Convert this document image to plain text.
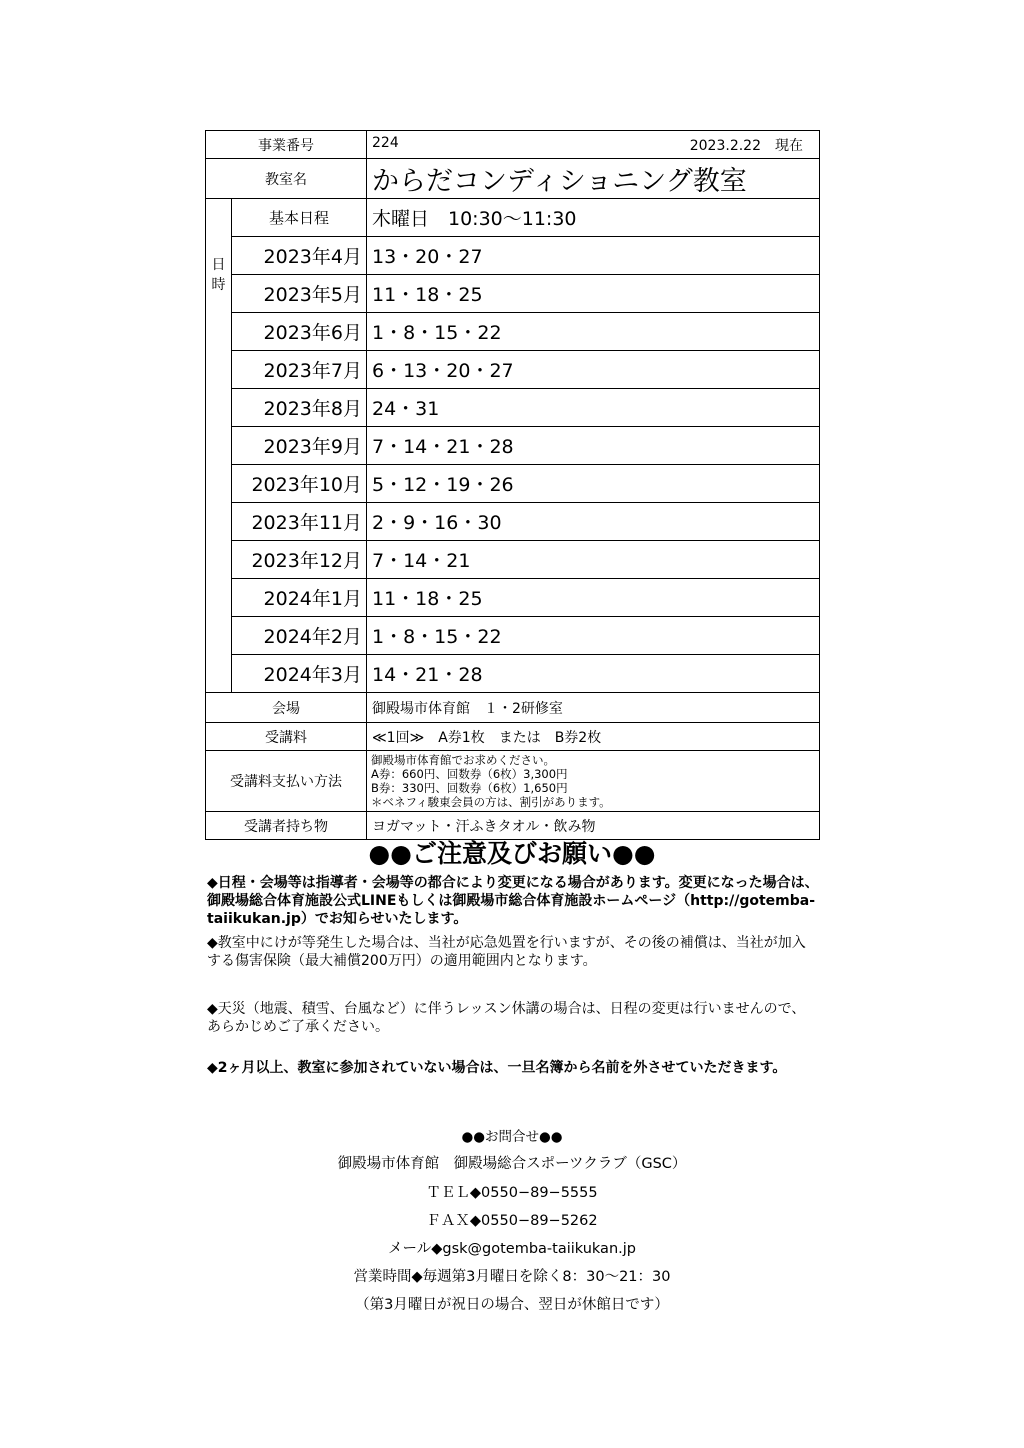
事業番号		224 2023.2.22　現在

教室名		からだコンディショニング教室

日
時	基本日程	木曜日　10:30～11:30
	2023年4月	13・20・27
	2023年5月	11・18・25
	2023年6月	1・8・15・22
	2023年7月	6・13・20・27
	2023年8月	24・31
	2023年9月	7・14・21・28
	2023年10月	5・12・19・26
	2023年11月	2・9・16・30
	2023年12月	7・14・21
	2024年1月	11・18・25
	2024年2月	1・8・15・22
	2024年3月	14・21・28
会場		御殿場市体育館　１・2研修室
受講料		≪1回≫　A券1枚　または　B券2枚
受講料支払い方法		御殿場市体育館でお求めください。
A券：660円、回数券（6枚）3,300円
B券：330円、回数券（6枚）1,650円
＊ベネフィ駿東会員の方は、割引があります。

受講者持ち物		ヨガマット・汗ふきタオル・飲み物
●●ご注意及びお願い●●
◆日程・会場等は指導者・会場等の都合により変更になる場合があります。変更になった場合は、御殿場総合体育施設公式LINEもしくは御殿場市総合体育施設ホームページ（http://gotemba-taiikukan.jp）でお知らせいたします。
◆教室中にけが等発生した場合は、当社が応急処置を行いますが、その後の補償は、当社が加入する傷害保険（最大補償200万円）の適用範囲内となります。
◆天災（地震、積雪、台風など）に伴うレッスン休講の場合は、日程の変更は行いませんので、あらかじめご了承ください。
◆2ヶ月以上、教室に参加されていない場合は、一旦名簿から名前を外させていただきます。
●●お問合せ●●
御殿場市体育館　御殿場総合スポーツクラブ（GSC）
ＴＥＬ◆0550−89−5555
ＦＡＸ◆0550−89−5262
メール◆gsk@gotemba-taiikukan.jp
営業時間◆毎週第3月曜日を除く8：30～21：30
（第3月曜日が祝日の場合、翌日が休館日です）
